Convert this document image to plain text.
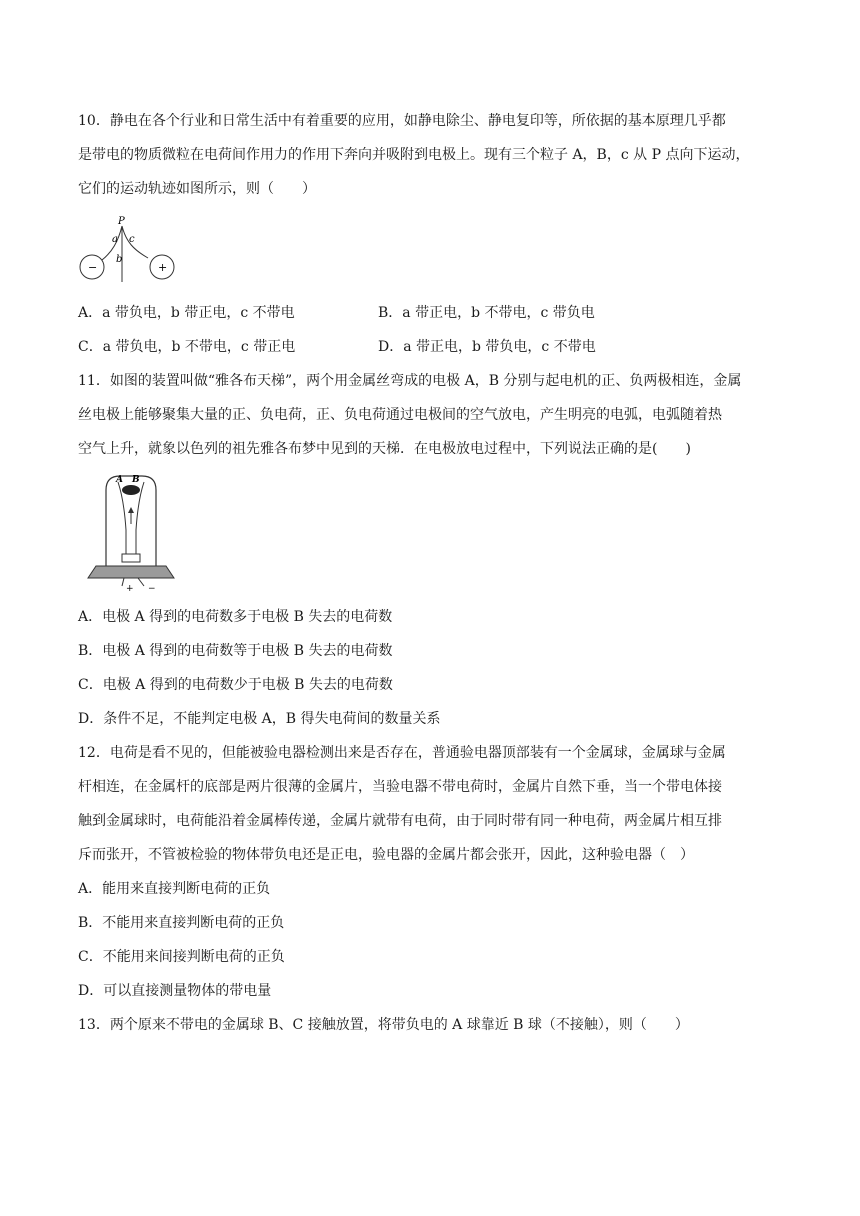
10．静电在各个行业和日常生活中有着重要的应用，如静电除尘、静电复印等，所依据的基本原理几乎都
是带电的物质微粒在电荷间作用力的作用下奔向并吸附到电极上。现有三个粒子 A，B，c 从 P 点向下运动，
它们的运动轨迹如图所示，则（　　）
P
a c
b
−	+
A．a 带负电，b 带正电，c 不带电	B．a 带正电，b 不带电，c 带负电
C．a 带负电，b 不带电，c 带正电	D．a 带正电，b 带负电，c 不带电
11．如图的装置叫做“雅各布天梯”，两个用金属丝弯成的电极 A，B 分别与起电机的正、负两极相连，金属
丝电极上能够聚集大量的正、负电荷，正、负电荷通过电极间的空气放电，产生明亮的电弧，电弧随着热
空气上升，就象以色列的祖先雅各布梦中见到的天梯．在电极放电过程中，下列说法正确的是(　　)
A B
+ −
A．电极 A 得到的电荷数多于电极 B 失去的电荷数
B．电极 A 得到的电荷数等于电极 B 失去的电荷数
C．电极 A 得到的电荷数少于电极 B 失去的电荷数
D．条件不足，不能判定电极 A，B 得失电荷间的数量关系
12．电荷是看不见的，但能被验电器检测出来是否存在，普通验电器顶部装有一个金属球，金属球与金属
杆相连，在金属杆的底部是两片很薄的金属片，当验电器不带电荷时，金属片自然下垂，当一个带电体接
触到金属球时，电荷能沿着金属棒传递，金属片就带有电荷，由于同时带有同一种电荷，两金属片相互排
斥而张开，不管被检验的物体带负电还是正电，验电器的金属片都会张开，因此，这种验电器（　）
A．能用来直接判断电荷的正负
B．不能用来直接判断电荷的正负
C．不能用来间接判断电荷的正负
D．可以直接测量物体的带电量
13．两个原来不带电的金属球 B、C 接触放置，将带负电的 A 球靠近 B 球（不接触），则（　　）
